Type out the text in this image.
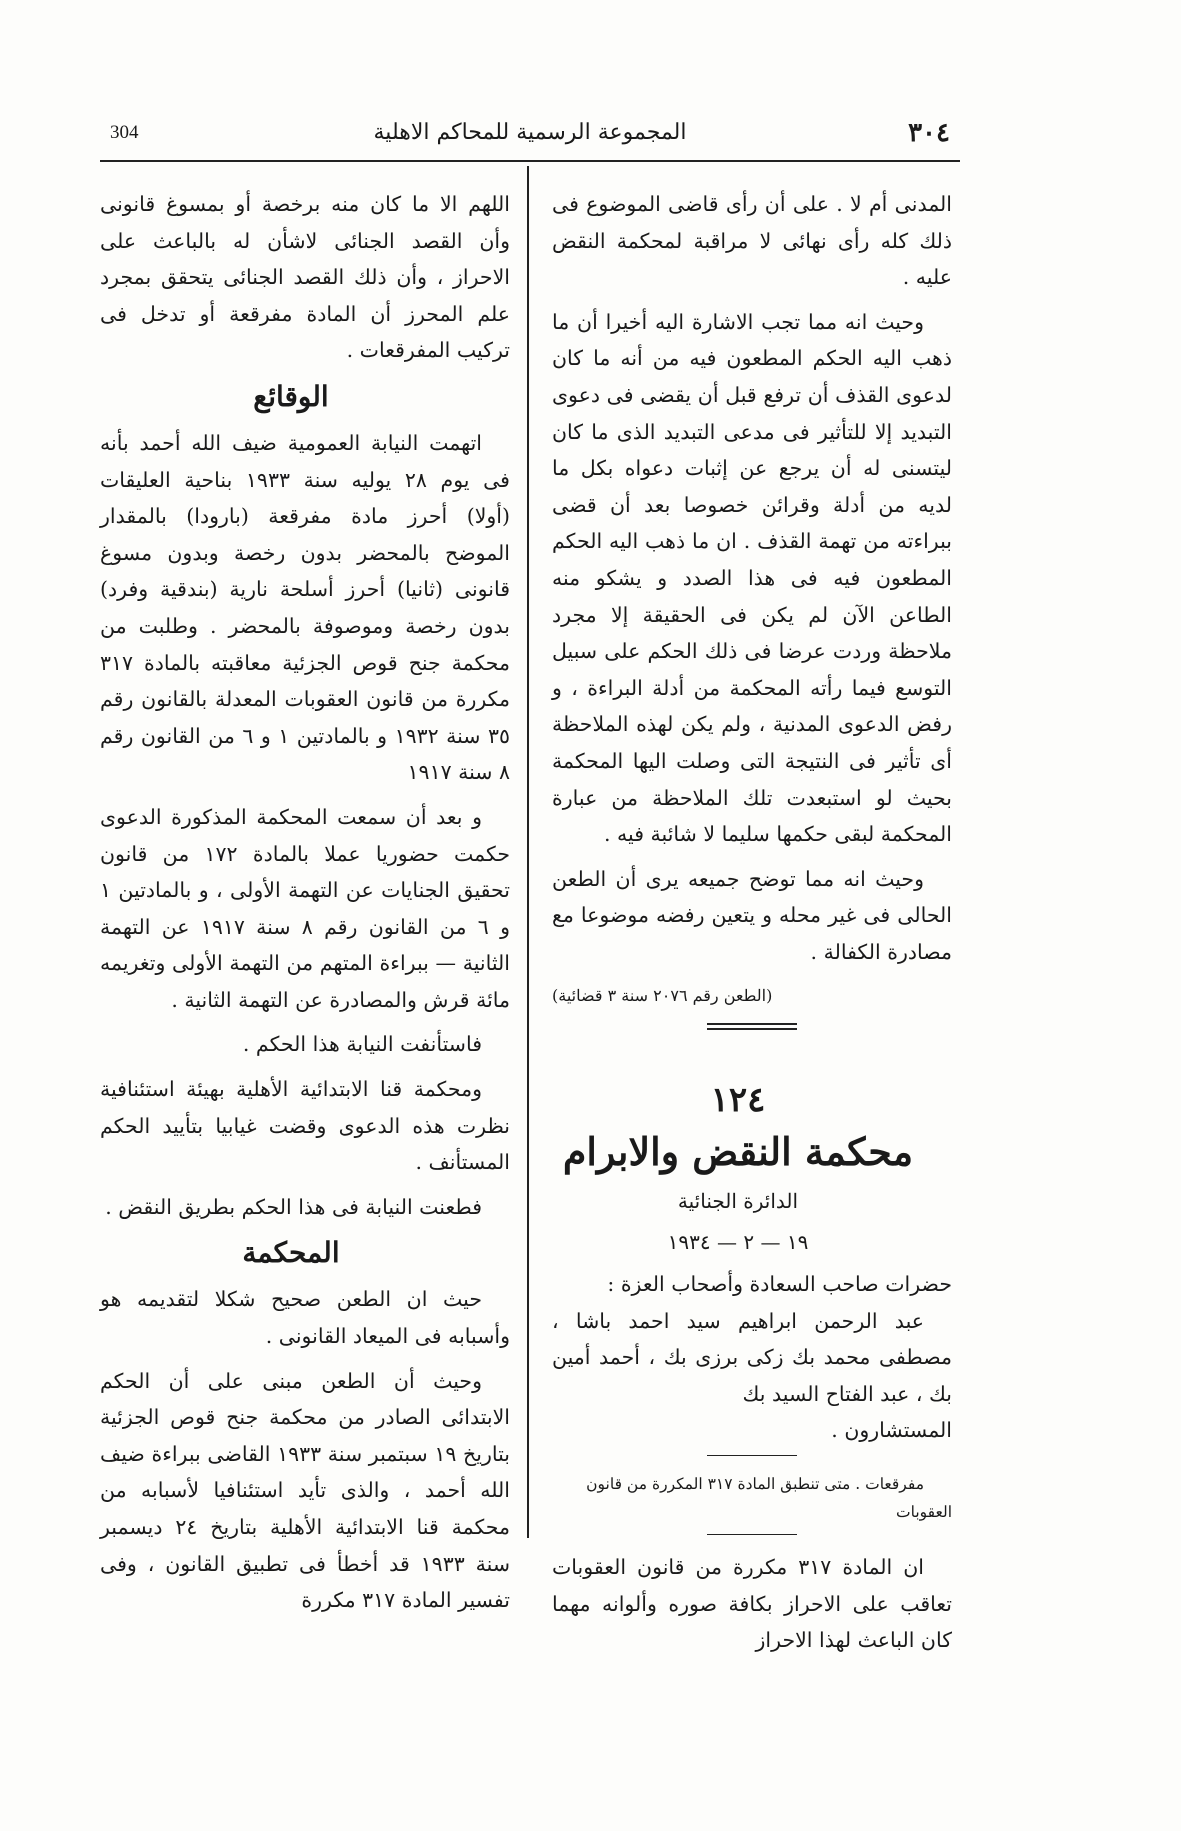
304	المجموعة الرسمية للمحاكم الاهلية	٣٠٤

المدنى أم لا . على أن رأى قاضى الموضوع فى ذلك كله رأى نهائى لا مراقبة لمحكمة النقض عليه .

وحيث انه مما تجب الاشارة اليه أخيرا أن ما ذهب اليه الحكم المطعون فيه من أنه ما كان لدعوى القذف أن ترفع قبل أن يقضى فى دعوى التبديد إلا للتأثير فى مدعى التبديد الذى ما كان ليتسنى له أن يرجع عن إثبات دعواه بكل ما لديه من أدلة وقرائن خصوصا بعد أن قضى ببراءته من تهمة القذف . ان ما ذهب اليه الحكم المطعون فيه فى هذا الصدد و يشكو منه الطاعن الآن لم يكن فى الحقيقة إلا مجرد ملاحظة وردت عرضا فى ذلك الحكم على سبيل التوسع فيما رأته المحكمة من أدلة البراءة ، و رفض الدعوى المدنية ، ولم يكن لهذه الملاحظة أى تأثير فى النتيجة التى وصلت اليها المحكمة بحيث لو استبعدت تلك الملاحظة من عبارة المحكمة لبقى حكمها سليما لا شائبة فيه .

وحيث انه مما توضح جميعه يرى أن الطعن الحالى فى غير محله و يتعين رفضه موضوعا مع مصادرة الكفالة .

(الطعن رقم ٢٠٧٦ سنة ٣ قضائية)

١٢٤

محكمة النقض والابرام

الدائرة الجنائية

١٩ — ٢ — ١٩٣٤

حضرات صاحب السعادة وأصحاب العزة :

عبد الرحمن ابراهيم سيد احمد باشا ، مصطفى محمد بك زكى برزى بك ، أحمد أمين بك ، عبد الفتاح السيد بك

المستشارون .

مفرقعات . متى تنطبق المادة ٣١٧ المكررة من قانون العقوبات

ان المادة ٣١٧ مكررة من قانون العقوبات تعاقب على الاحراز بكافة صوره وألوانه مهما كان الباعث لهذا الاحراز

اللهم الا ما كان منه برخصة أو بمسوغ قانونى وأن القصد الجنائى لاشأن له بالباعث على الاحراز ، وأن ذلك القصد الجنائى يتحقق بمجرد علم المحرز أن المادة مفرقعة أو تدخل فى تركيب المفرقعات .

الوقائع

اتهمت النيابة العمومية ضيف الله أحمد بأنه فى يوم ٢٨ يوليه سنة ١٩٣٣ بناحية العليقات (أولا) أحرز مادة مفرقعة (بارودا) بالمقدار الموضح بالمحضر بدون رخصة وبدون مسوغ قانونى (ثانيا) أحرز أسلحة نارية (بندقية وفرد) بدون رخصة وموصوفة بالمحضر . وطلبت من محكمة جنح قوص الجزئية معاقبته بالمادة ٣١٧ مكررة من قانون العقوبات المعدلة بالقانون رقم ٣٥ سنة ١٩٣٢ و بالمادتين ١ و ٦ من القانون رقم ٨ سنة ١٩١٧

و بعد أن سمعت المحكمة المذكورة الدعوى حكمت حضوريا عملا بالمادة ١٧٢ من قانون تحقيق الجنايات عن التهمة الأولى ، و بالمادتين ١ و ٦ من القانون رقم ٨ سنة ١٩١٧ عن التهمة الثانية — ببراءة المتهم من التهمة الأولى وتغريمه مائة قرش والمصادرة عن التهمة الثانية .

فاستأنفت النيابة هذا الحكم .

ومحكمة قنا الابتدائية الأهلية بهيئة استئنافية نظرت هذه الدعوى وقضت غيابيا بتأييد الحكم المستأنف .

فطعنت النيابة فى هذا الحكم بطريق النقض .

المحكمة

حيث ان الطعن صحيح شكلا لتقديمه هو وأسبابه فى الميعاد القانونى .

وحيث أن الطعن مبنى على أن الحكم الابتدائى الصادر من محكمة جنح قوص الجزئية بتاريخ ١٩ سبتمبر سنة ١٩٣٣ القاضى ببراءة ضيف الله أحمد ، والذى تأيد استئنافيا لأسبابه من محكمة قنا الابتدائية الأهلية بتاريخ ٢٤ ديسمبر سنة ١٩٣٣ قد أخطأ فى تطبيق القانون ، وفى تفسير المادة ٣١٧ مكررة
